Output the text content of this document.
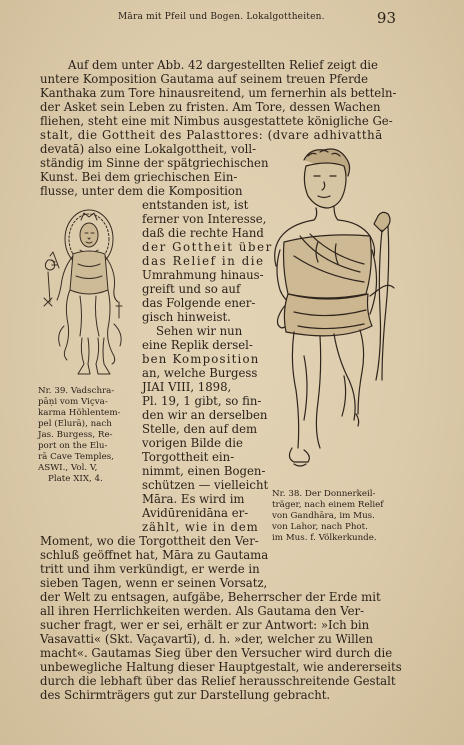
Māra mit Pfeil und Bogen. Lokalgottheiten.	93
Auf dem unter Abb. 42 dargestellten Relief zeigt die
untere Komposition Gautama auf seinem treuen Pferde
Kanthaka zum Tore hinausreitend, um fernerhin als betteln-
der Asket sein Leben zu fristen. Am Tore, dessen Wachen
fliehen, steht eine mit Nimbus ausgestattete königliche Ge-
stalt, die Gottheit des Palasttores: (dvare adhivatthā
devatā) also eine Lokalgottheit, voll-
ständig im Sinne der spätgriechischen
Kunst. Bei dem griechischen Ein-
flusse, unter dem die Komposition
entstanden ist, ist
ferner von Interesse,
daß die rechte Hand
der Gottheit über
das Relief in die
Umrahmung hinaus-
greift und so auf
das Folgende ener-
gisch hinweist.
Sehen wir nun
eine Replik dersel-
ben Komposition
an, welche Burgess
JIAI VIII, 1898,
Pl. 19, 1 gibt, so fin-
den wir an derselben
Stelle, den auf dem
vorigen Bilde die
Torgottheit ein-
nimmt, einen Bogen-
schützen — vielleicht
Māra. Es wird im
Avidūrenidāna er-
zählt, wie in dem
Moment, wo die Torgottheit den Ver-
schluß geöffnet hat, Māra zu Gautama
tritt und ihm verkündigt, er werde in
sieben Tagen, wenn er seinen Vorsatz,
der Welt zu entsagen, aufgäbe, Beherrscher der Erde mit
all ihren Herrlichkeiten werden. Als Gautama den Ver-
sucher fragt, wer er sei, erhält er zur Antwort: »Ich bin
Vasavatti« (Skt. Vaçavartī), d. h. »der, welcher zu Willen
macht«. Gautamas Sieg über den Versucher wird durch die
unbewegliche Haltung dieser Hauptgestalt, wie andererseits
durch die lebhaft über das Relief herausschreitende Gestalt
des Schirmträgers gut zur Darstellung gebracht.
Nr. 39. Vadschra-
pāṇi vom Viçva-
karma Höhlentem-
pel (Elurā), nach
Jas. Burgess, Re-
port on the Elu-
rā Cave Temples,
ASWI., Vol. V,
Plate XIX, 4.
Nr. 38. Der Donnerkeil-
träger, nach einem Relief
von Gandhāra, im Mus.
von Lahor, nach Phot.
im Mus. f. Völkerkunde.
